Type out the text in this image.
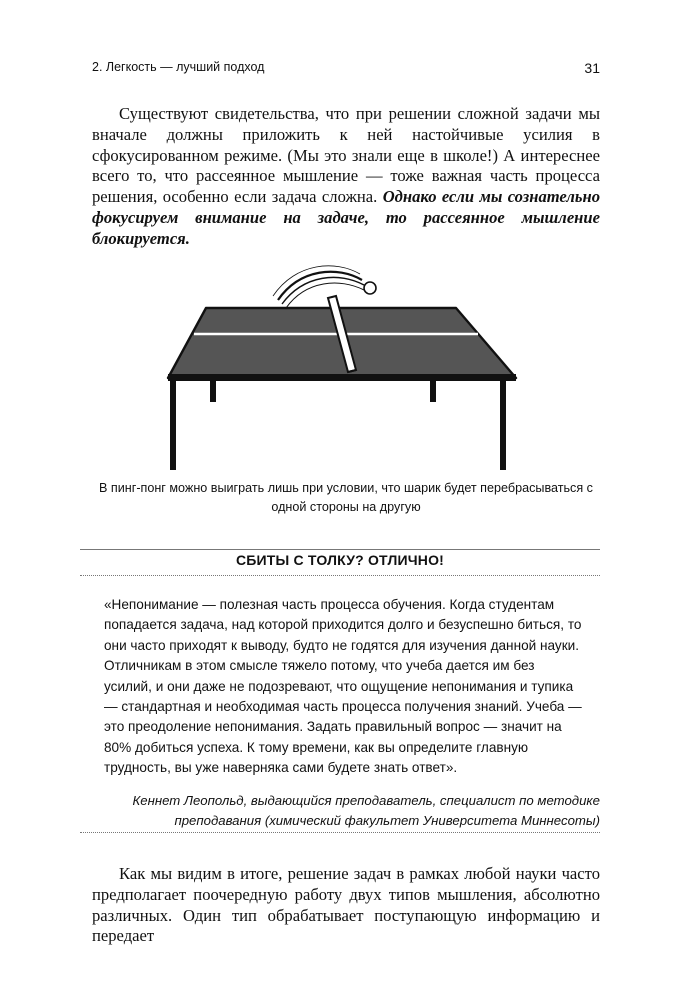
2. Легкость — лучший подход	31

Существуют свидетельства, что при решении сложной задачи мы вначале должны приложить к ней настойчивые усилия в сфокусированном режиме. (Мы это знали еще в школе!) А интереснее всего то, что рассеянное мышление — тоже важная часть процесса решения, особенно если задача сложна. Однако если мы сознательно фокусируем внимание на задаче, то рассеянное мышление блокируется.

В пинг-понг можно выиграть лишь при условии, что шарик будет перебрасываться с одной стороны на другую
СБИТЫ С ТОЛКУ? ОТЛИЧНО!

«Непонимание — полезная часть процесса обучения. Когда студентам попадается задача, над которой приходится долго и безуспешно биться, то они часто приходят к выводу, будто не годятся для изучения данной науки. Отличникам в этом смысле тяжело потому, что учеба дается им без усилий, и они даже не подозревают, что ощущение непонимания и тупика — стандартная и необходимая часть процесса получения знаний. Учеба — это преодоление непонимания. Задать правильный вопрос — значит на 80% добиться успеха. К тому времени, как вы определите главную трудность, вы уже наверняка сами будете знать ответ».

Кеннет Леопольд, выдающийся преподаватель, специалист по методике преподавания (химический факультет Университета Миннесоты)

Как мы видим в итоге, решение задач в рамках любой науки часто предполагает поочередную работу двух типов мышления, абсолютно различных. Один тип обрабатывает поступающую информацию и передает
